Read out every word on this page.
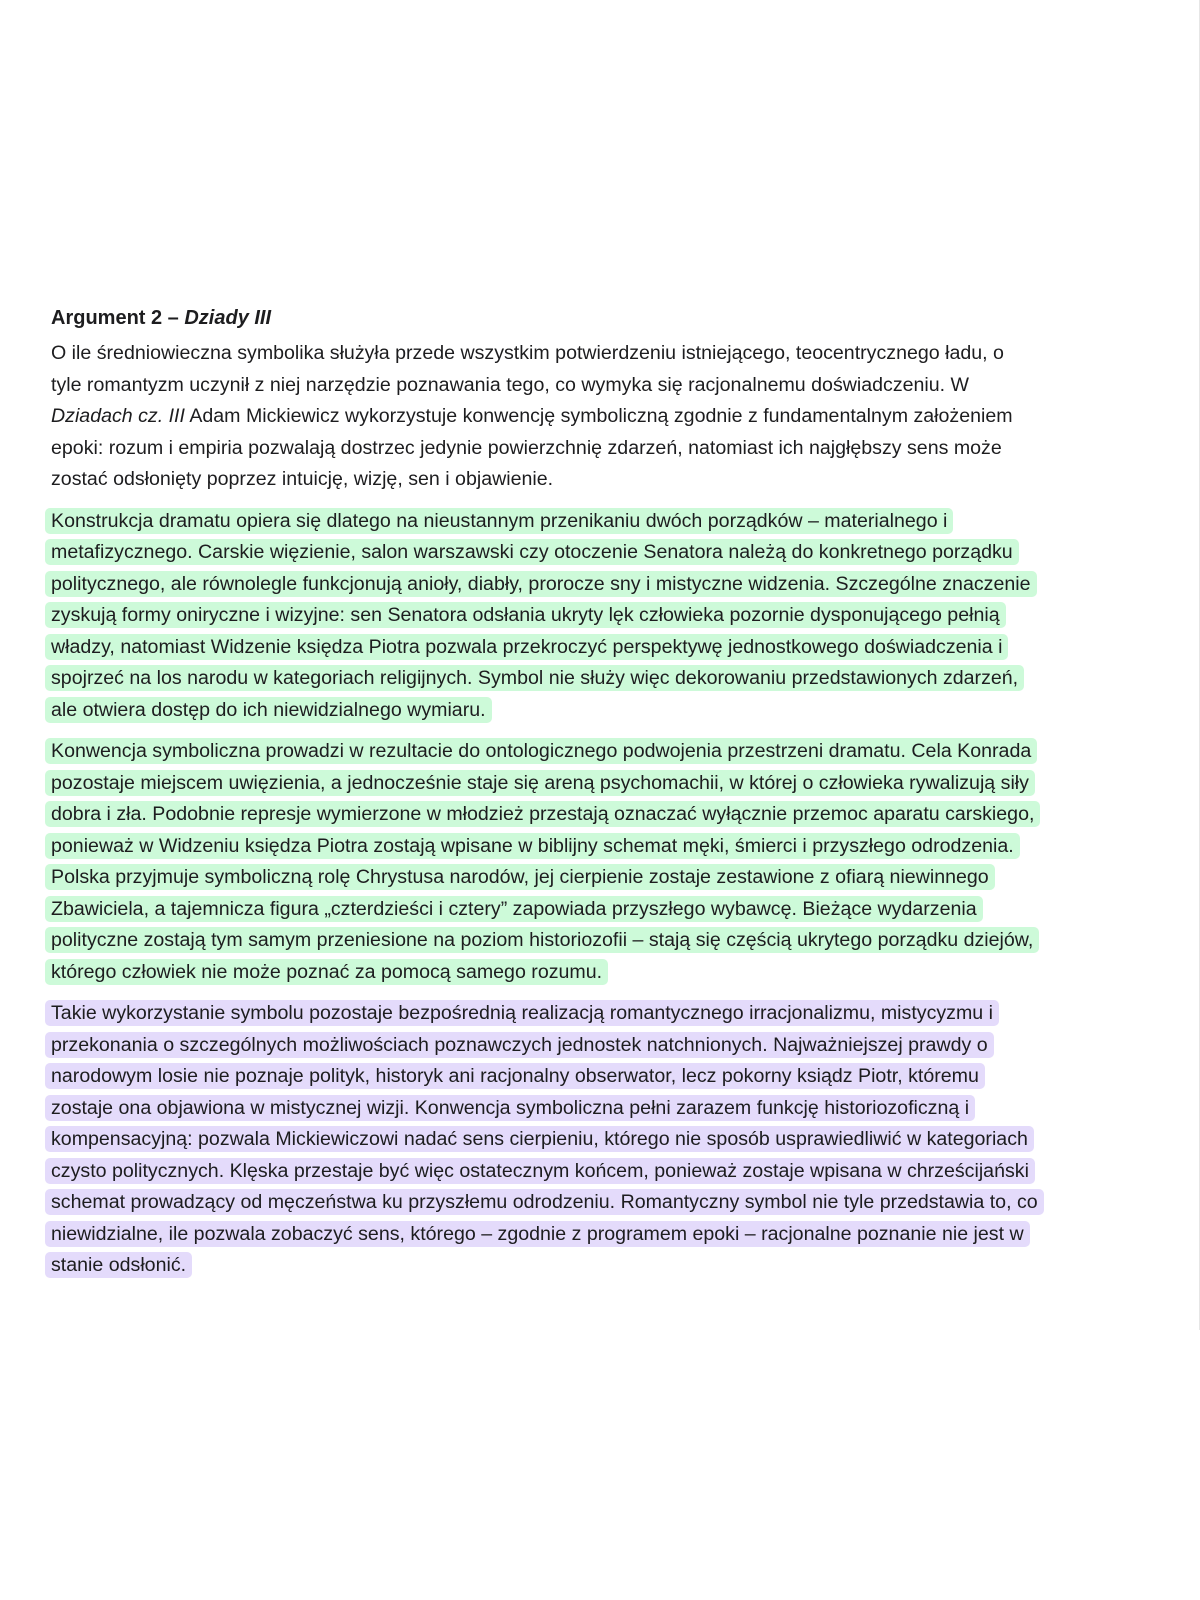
Argument 2 – Dziady III
O ile średniowieczna symbolika służyła przede wszystkim potwierdzeniu istniejącego, teocentrycznego ładu, o
tyle romantyzm uczynił z niej narzędzie poznawania tego, co wymyka się racjonalnemu doświadczeniu. W
Dziadach cz. III Adam Mickiewicz wykorzystuje konwencję symboliczną zgodnie z fundamentalnym założeniem
epoki: rozum i empiria pozwalają dostrzec jedynie powierzchnię zdarzeń, natomiast ich najgłębszy sens może
zostać odsłonięty poprzez intuicję, wizję, sen i objawienie.
Konstrukcja dramatu opiera się dlatego na nieustannym przenikaniu dwóch porządków – materialnego i
metafizycznego. Carskie więzienie, salon warszawski czy otoczenie Senatora należą do konkretnego porządku
politycznego, ale równolegle funkcjonują anioły, diabły, prorocze sny i mistyczne widzenia. Szczególne znaczenie
zyskują formy oniryczne i wizyjne: sen Senatora odsłania ukryty lęk człowieka pozornie dysponującego pełnią
władzy, natomiast Widzenie księdza Piotra pozwala przekroczyć perspektywę jednostkowego doświadczenia i
spojrzeć na los narodu w kategoriach religijnych. Symbol nie służy więc dekorowaniu przedstawionych zdarzeń,
ale otwiera dostęp do ich niewidzialnego wymiaru.
Konwencja symboliczna prowadzi w rezultacie do ontologicznego podwojenia przestrzeni dramatu. Cela Konrada
pozostaje miejscem uwięzienia, a jednocześnie staje się areną psychomachii, w której o człowieka rywalizują siły
dobra i zła. Podobnie represje wymierzone w młodzież przestają oznaczać wyłącznie przemoc aparatu carskiego,
ponieważ w Widzeniu księdza Piotra zostają wpisane w biblijny schemat męki, śmierci i przyszłego odrodzenia.
Polska przyjmuje symboliczną rolę Chrystusa narodów, jej cierpienie zostaje zestawione z ofiarą niewinnego
Zbawiciela, a tajemnicza figura „czterdzieści i cztery” zapowiada przyszłego wybawcę. Bieżące wydarzenia
polityczne zostają tym samym przeniesione na poziom historiozofii – stają się częścią ukrytego porządku dziejów,
którego człowiek nie może poznać za pomocą samego rozumu.
Takie wykorzystanie symbolu pozostaje bezpośrednią realizacją romantycznego irracjonalizmu, mistycyzmu i
przekonania o szczególnych możliwościach poznawczych jednostek natchnionych. Najważniejszej prawdy o
narodowym losie nie poznaje polityk, historyk ani racjonalny obserwator, lecz pokorny ksiądz Piotr, któremu
zostaje ona objawiona w mistycznej wizji. Konwencja symboliczna pełni zarazem funkcję historiozoficzną i
kompensacyjną: pozwala Mickiewiczowi nadać sens cierpieniu, którego nie sposób usprawiedliwić w kategoriach
czysto politycznych. Klęska przestaje być więc ostatecznym końcem, ponieważ zostaje wpisana w chrześcijański
schemat prowadzący od męczeństwa ku przyszłemu odrodzeniu. Romantyczny symbol nie tyle przedstawia to, co
niewidzialne, ile pozwala zobaczyć sens, którego – zgodnie z programem epoki – racjonalne poznanie nie jest w
stanie odsłonić.
